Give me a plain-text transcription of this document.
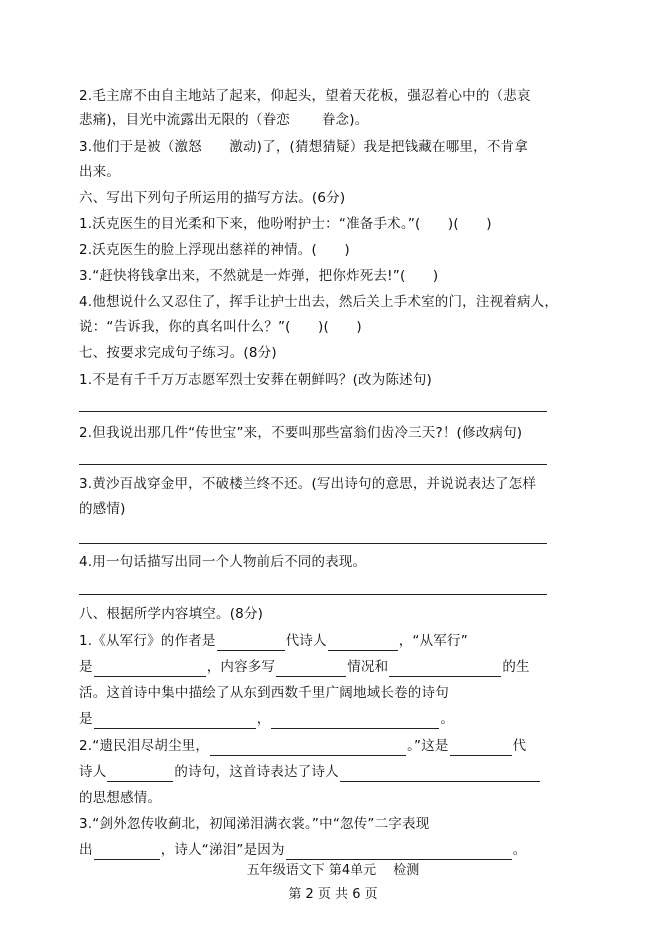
2.毛主席不由自主地站了起来，仰起头，望着天花板，强忍着心中的（悲哀
悲痛)，目光中流露出无限的（眷恋　　 眷念)。
3.他们于是被（激怒　　激动)了，(猜想猜疑）我是把钱藏在哪里，不肯拿
出来。
六、写出下列句子所运用的描写方法。(6分)
1.沃克医生的目光柔和下来，他吩咐护士：“准备手术。”(　　)(　　)
2.沃克医生的脸上浮现出慈祥的神情。(　　)
3.“赶快将钱拿出来，不然就是一炸弹，把你炸死去!”(　　)
4.他想说什么又忍住了，挥手让护士出去，然后关上手术室的门，注视着病人，
说：“告诉我，你的真名叫什么？”(　　)(　　)
七、按要求完成句子练习。(8分)
1.不是有千千万万志愿军烈士安葬在朝鲜吗？(改为陈述句)
2.但我说出那几件“传世宝”来，不要叫那些富翁们齿冷三天?！(修改病句)
3.黄沙百战穿金甲，不破楼兰终不还。(写出诗句的意思，并说说表达了怎样
的感情)
4.用一句话描写出同一个人物前后不同的表现。
八、根据所学内容填空。(8分)
1.《从军行》的作者是	代诗人	，“从军行”
是	，内容多写	情况和	的生
活。这首诗中集中描绘了从东到西数千里广阔地域长卷的诗句
是	，	。
2.“遗民泪尽胡尘里，	。”这是	代
诗人	的诗句，这首诗表达了诗人
的思想感情。
3.“剑外忽传收蓟北，初闻涕泪满衣裳。”中“忽传”二字表现
出	，诗人“涕泪”是因为	。
五年级语文下 第4单元　 检测
第 2 页 共 6 页
